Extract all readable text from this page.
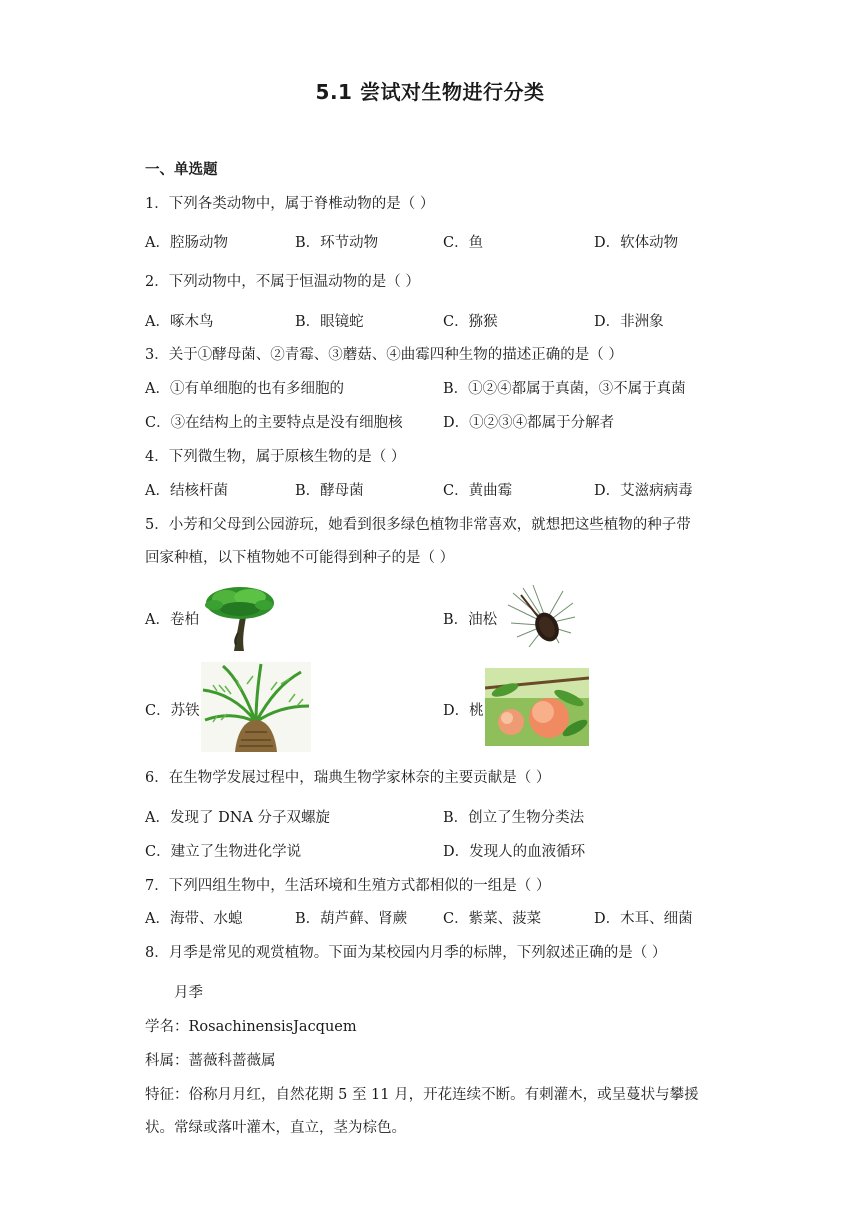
5.1 尝试对生物进行分类
一、单选题
1．下列各类动物中，属于脊椎动物的是（ ）
A．腔肠动物	B．环节动物	C．鱼	D．软体动物
2．下列动物中，不属于恒温动物的是（ ）
A．啄木鸟	B．眼镜蛇	C．猕猴	D．非洲象
3．关于①酵母菌、②青霉、③蘑菇、④曲霉四种生物的描述正确的是（ ）
A．①有单细胞的也有多细胞的	B．①②④都属于真菌，③不属于真菌
C．③在结构上的主要特点是没有细胞核	D．①②③④都属于分解者
4．下列微生物，属于原核生物的是（ ）
A．结核杆菌	B．酵母菌	C．黄曲霉	D．艾滋病病毒
5．小芳和父母到公园游玩，她看到很多绿色植物非常喜欢，就想把这些植物的种子带
回家种植，以下植物她不可能得到种子的是（ ）
A．卷柏	B．油松
C．苏铁	D．桃
6．在生物学发展过程中，瑞典生物学家林奈的主要贡献是（ ）
A．发现了 DNA 分子双螺旋	B．创立了生物分类法
C．建立了生物进化学说	D．发现人的血液循环
7．下列四组生物中，生活环境和生殖方式都相似的一组是（ ）
A．海带、水螅	B．葫芦藓、肾蕨 C．紫菜、菠菜	D．木耳、细菌
8．月季是常见的观赏植物。下面为某校园内月季的标牌，下列叙述正确的是（ ）
月季
学名：RosachinensisJacquem
科属：蔷薇科蔷薇属
特征：俗称月月红，自然花期 5 至 11 月，开花连续不断。有刺灌木，或呈蔓状与攀援
状。常绿或落叶灌木，直立，茎为棕色。
